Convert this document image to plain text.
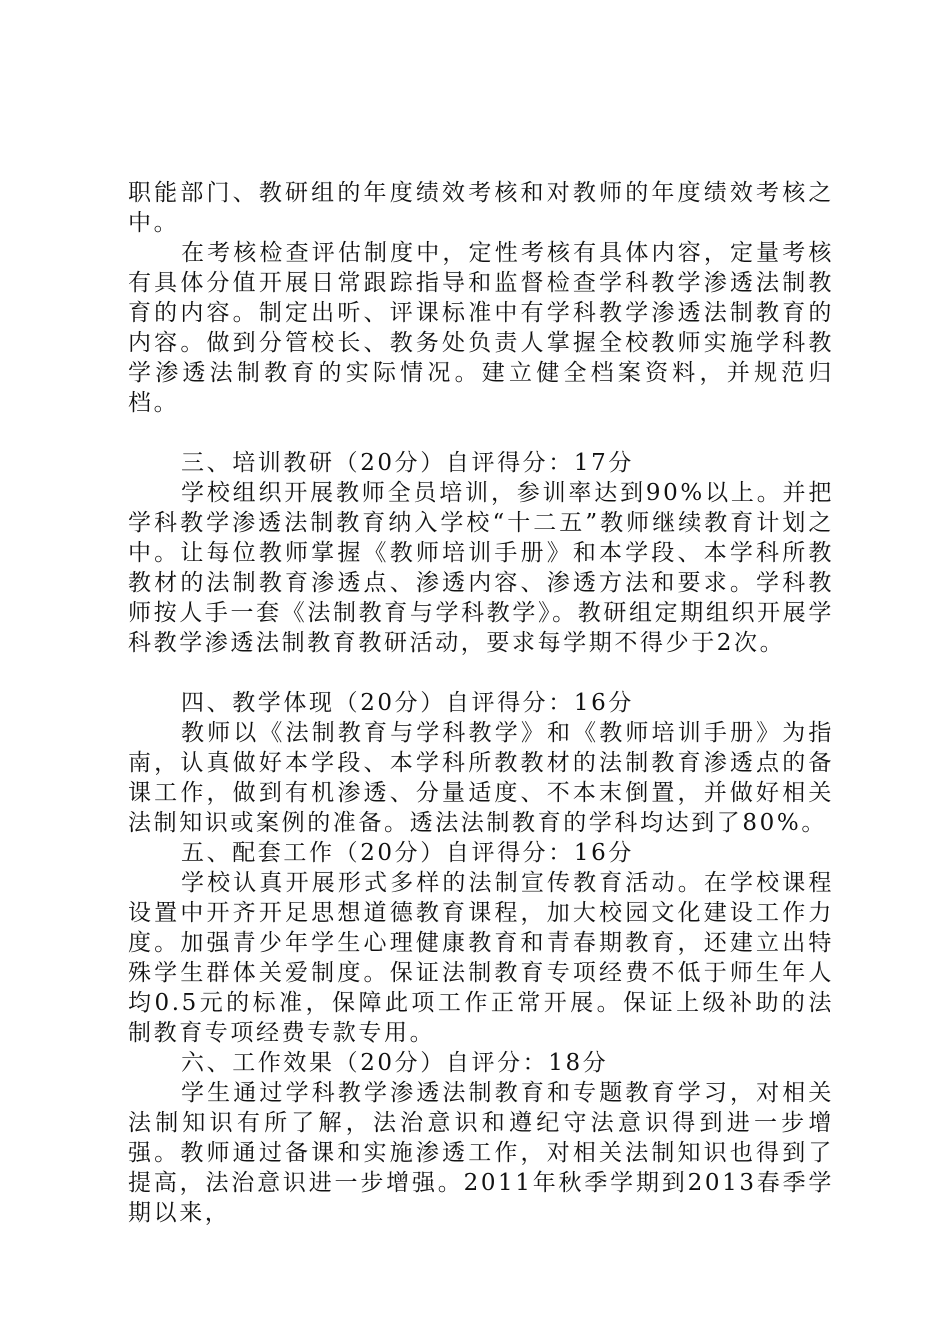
职能部门、教研组的年度绩效考核和对教师的年度绩效考核之中。

在考核检查评估制度中，定性考核有具体内容，定量考核有具体分值开展日常跟踪指导和监督检查学科教学渗透法制教育的内容。制定出听、评课标准中有学科教学渗透法制教育的内容。做到分管校长、教务处负责人掌握全校教师实施学科教学渗透法制教育的实际情况。建立健全档案资料，并规范归档。

三、培训教研（20分）自评得分：17分

学校组织开展教师全员培训，参训率达到90%以上。并把学科教学渗透法制教育纳入学校“十二五”教师继续教育计划之中。让每位教师掌握《教师培训手册》和本学段、本学科所教教材的法制教育渗透点、渗透内容、渗透方法和要求。学科教师按人手一套《法制教育与学科教学》。教研组定期组织开展学科教学渗透法制教育教研活动，要求每学期不得少于2次。

四、教学体现（20分）自评得分：16分

教师以《法制教育与学科教学》和《教师培训手册》为指南，认真做好本学段、本学科所教教材的法制教育渗透点的备课工作，做到有机渗透、分量适度、不本末倒置，并做好相关法制知识或案例的准备。透法法制教育的学科均达到了80%。

五、配套工作（20分）自评得分：16分

学校认真开展形式多样的法制宣传教育活动。在学校课程设置中开齐开足思想道德教育课程，加大校园文化建设工作力度。加强青少年学生心理健康教育和青春期教育，还建立出特殊学生群体关爱制度。保证法制教育专项经费不低于师生年人均0.5元的标准，保障此项工作正常开展。保证上级补助的法制教育专项经费专款专用。

六、工作效果（20分）自评分：18分

学生通过学科教学渗透法制教育和专题教育学习，对相关法制知识有所了解，法治意识和遵纪守法意识得到进一步增强。教师通过备课和实施渗透工作，对相关法制知识也得到了提高，法治意识进一步增强。2011年秋季学期到2013春季学期以来，
